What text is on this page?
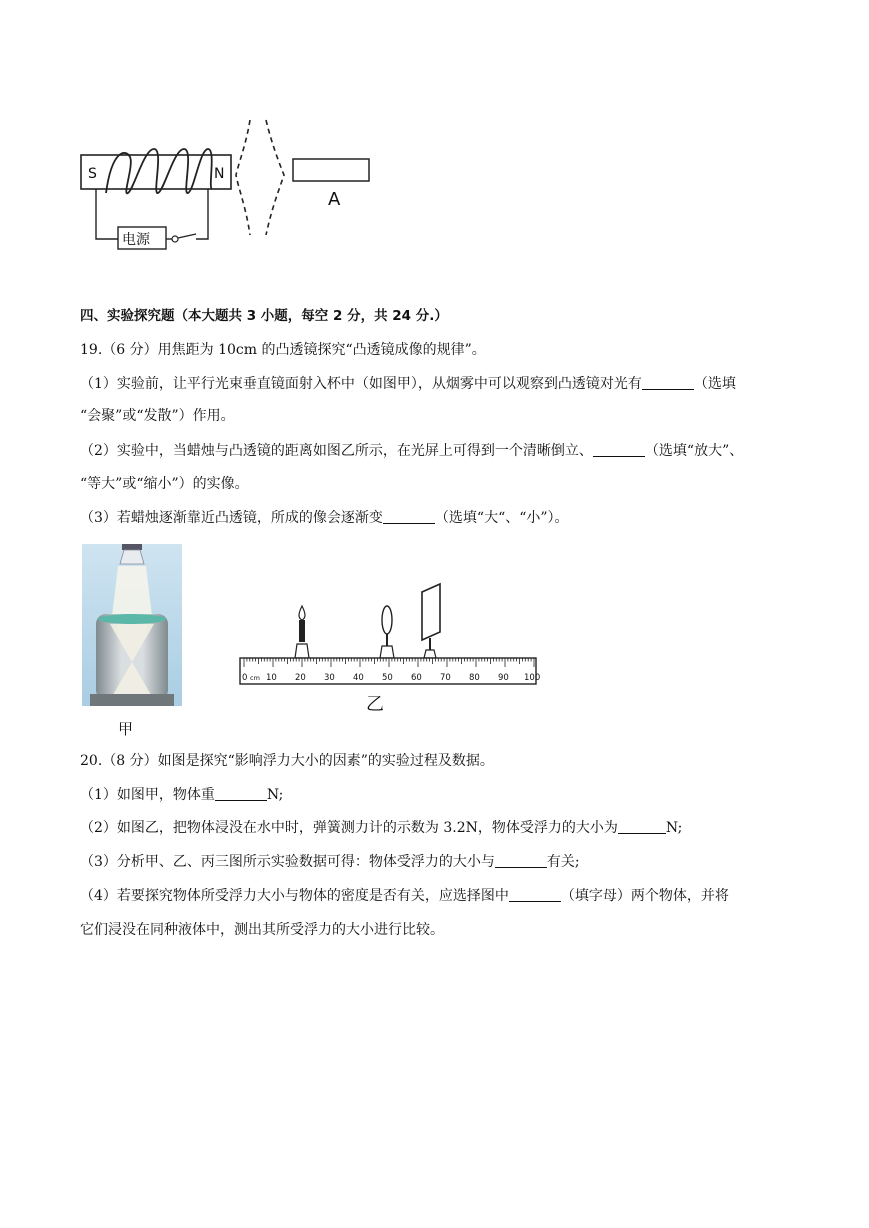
S	N
电源
A
四、实验探究题（本大题共 3 小题，每空 2 分，共 24 分.）
19.（6 分）用焦距为 10cm 的凸透镜探究“凸透镜成像的规律”。
（1）实验前，让平行光束垂直镜面射入杯中（如图甲），从烟雾中可以观察到凸透镜对光有	（选填
“会聚”或“发散”）作用。
（2）实验中，当蜡烛与凸透镜的距离如图乙所示，在光屏上可得到一个清晰倒立、	（选填“放大”、
“等大”或“缩小”）的实像。
（3）若蜡烛逐渐靠近凸透镜，所成的像会逐渐变	（选填“大“、“小”）。
甲
0 cm 10 20 30 40 50 60 70 80 90 100
乙
20.（8 分）如图是探究“影响浮力大小的因素”的实验过程及数据。
（1）如图甲，物体重	N;
（2）如图乙，把物体浸没在水中时，弹簧测力计的示数为 3.2N，物体受浮力的大小为	N;
（3）分析甲、乙、丙三图所示实验数据可得：物体受浮力的大小与	有关;
（4）若要探究物体所受浮力大小与物体的密度是否有关，应选择图中	（填字母）两个物体，并将
它们浸没在同种液体中，测出其所受浮力的大小进行比较。
